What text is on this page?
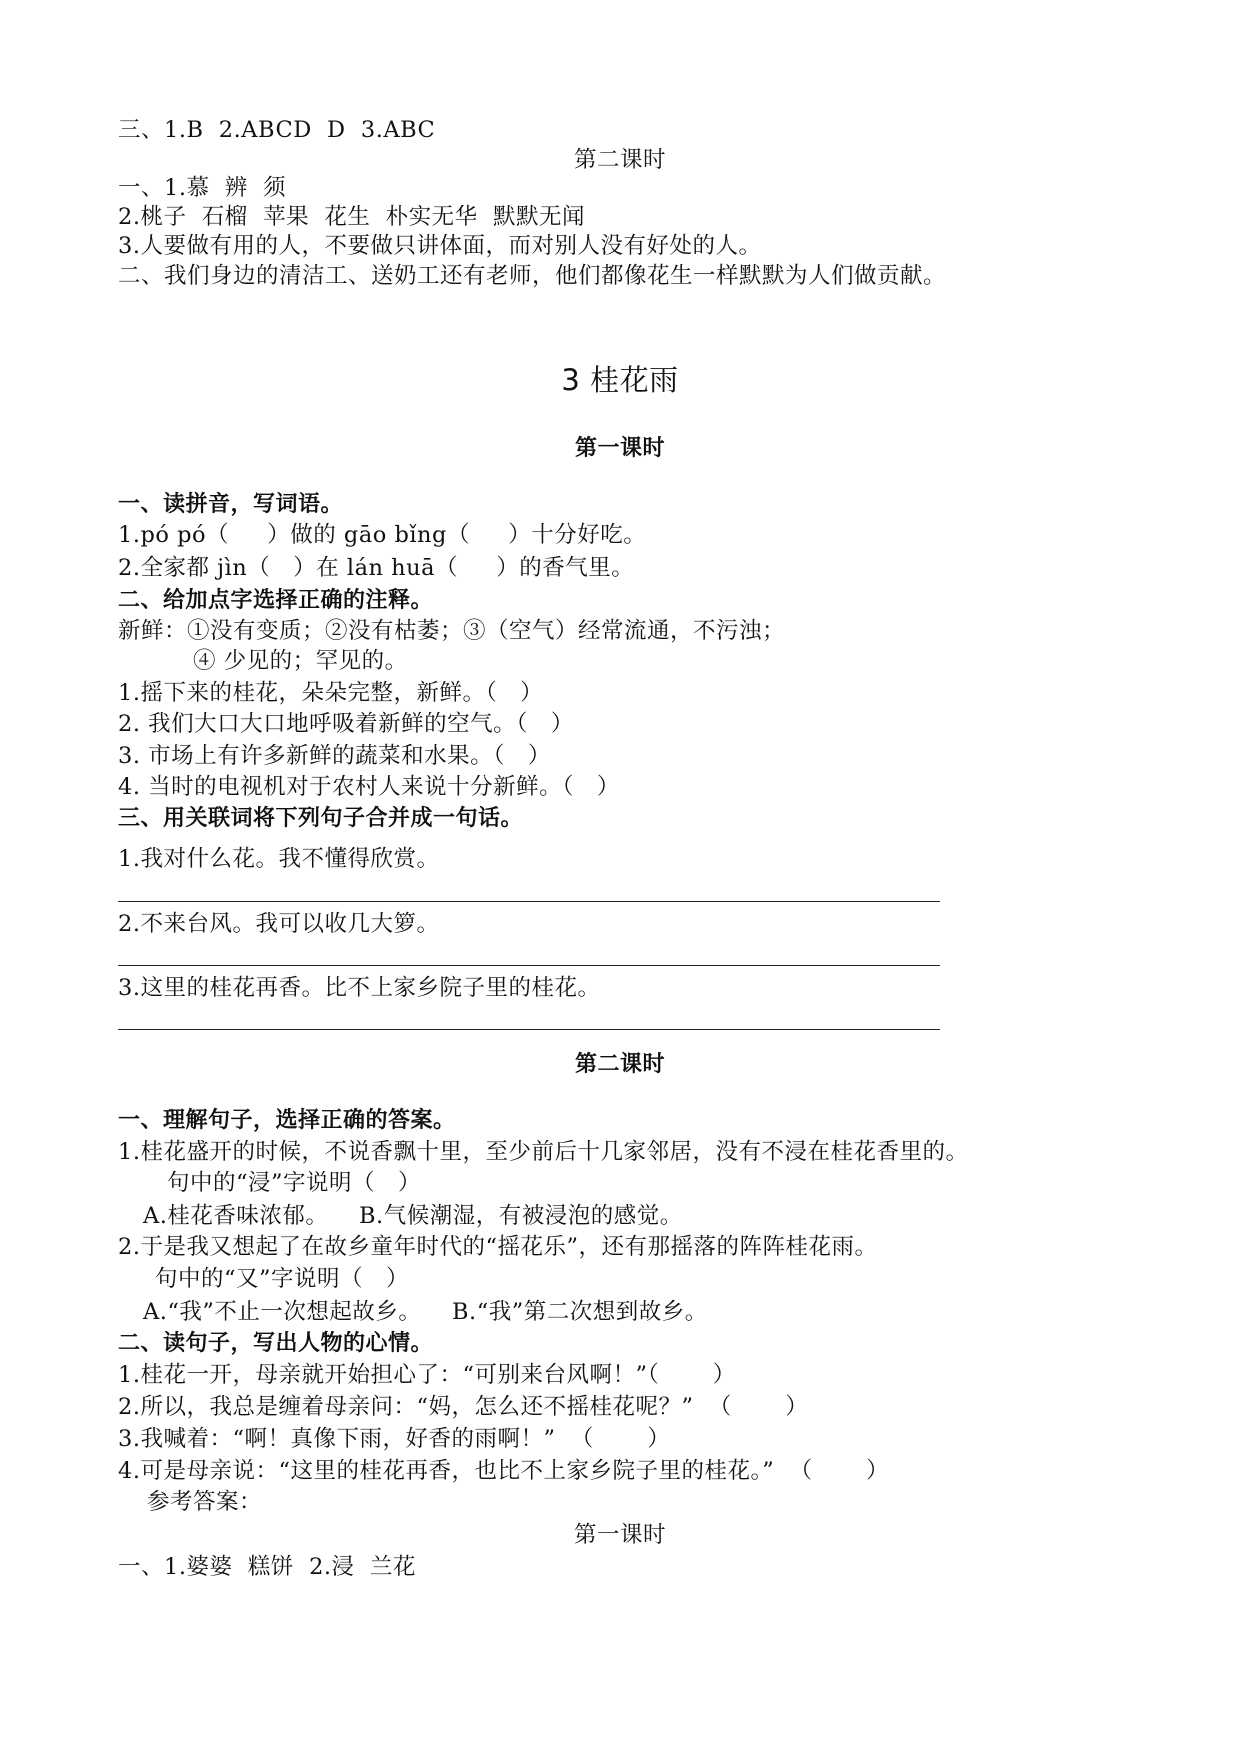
三、1.B  2.ABCD  D  3.ABC
第二课时
一、1.慕  辨  须
2.桃子  石榴  苹果  花生  朴实无华  默默无闻
3.人要做有用的人，不要做只讲体面，而对别人没有好处的人。
二、我们身边的清洁工、送奶工还有老师，他们都像花生一样默默为人们做贡献。
3 桂花雨
第一课时
一、读拼音，写词语。
1.pó pó（     ）做的 gāo bǐng（     ）十分好吃。
2.全家都 jìn（   ）在 lán huā（     ）的香气里。
二、给加点字选择正确的注释。
新鲜：①没有变质；②没有枯萎；③（空气）经常流通，不污浊；
④ 少见的；罕见的。
1.摇下来的桂花，朵朵完整，新鲜。（   ）
2. 我们大口大口地呼吸着新鲜的空气。（   ）
3. 市场上有许多新鲜的蔬菜和水果。（   ）
4. 当时的电视机对于农村人来说十分新鲜。（   ）
三、用关联词将下列句子合并成一句话。
1.我对什么花。我不懂得欣赏。
2.不来台风。我可以收几大箩。
3.这里的桂花再香。比不上家乡院子里的桂花。
第二课时
一、理解句子，选择正确的答案。
1.桂花盛开的时候，不说香飘十里，至少前后十几家邻居，没有不浸在桂花香里的。
句中的“浸”字说明（   ）
A.桂花香味浓郁。    B.气候潮湿，有被浸泡的感觉。
2.于是我又想起了在故乡童年时代的“摇花乐”，还有那摇落的阵阵桂花雨。
句中的“又”字说明（   ）
A.“我”不止一次想起故乡。    B.“我”第二次想到故乡。
二、读句子，写出人物的心情。
1.桂花一开，母亲就开始担心了：“可别来台风啊！”（       ）
2.所以，我总是缠着母亲问：“妈，怎么还不摇桂花呢？”  （       ）
3.我喊着：“啊！真像下雨，好香的雨啊！”  （       ）
4.可是母亲说：“这里的桂花再香，也比不上家乡院子里的桂花。”  （       ）
参考答案：
第一课时
一、1.婆婆  糕饼  2.浸  兰花
